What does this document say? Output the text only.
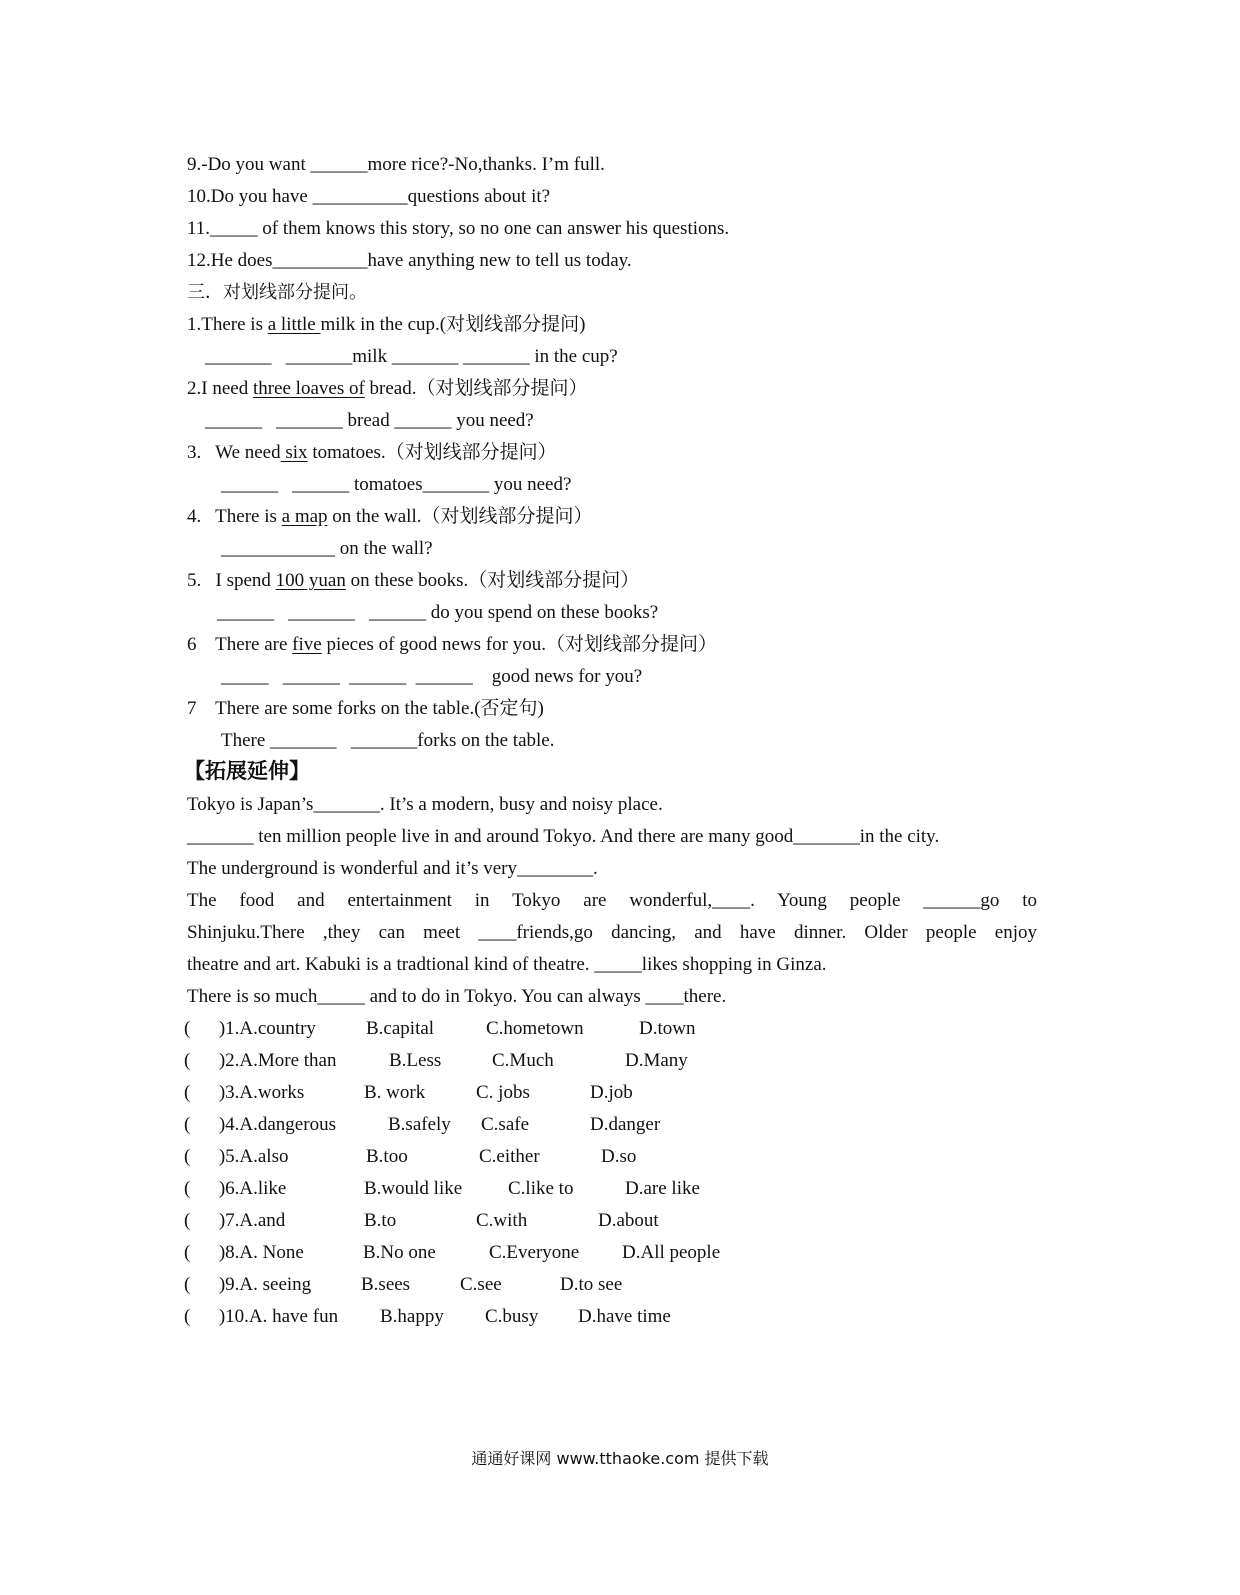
9.-Do you want ______more rice?-No,thanks. I’m full.
10.Do you have __________questions about it?
11._____ of them knows this story, so no one can answer his questions.
12.He does__________have anything new to tell us today.
三．对划线部分提问。
1.There is a little milk in the cup.(对划线部分提问)
_______   _______milk _______ _______ in the cup?
2.I need three loaves of bread.（对划线部分提问）
______   _______ bread ______ you need?
3.   We need six tomatoes.（对划线部分提问）
______   ______ tomatoes_______ you need?
4.   There is a map on the wall.（对划线部分提问）
____________ on the wall?
5.   I spend 100 yuan on these books.（对划线部分提问）
______   _______   ______ do you spend on these books?
6    There are five pieces of good news for you.（对划线部分提问）
_____   ______  ______  ______    good news for you?
7    There are some forks on the table.(否定句)
There _______   _______forks on the table.
【拓展延伸】
Tokyo is Japan’s_______. It’s a modern, busy and noisy place.
_______ ten million people live in and around Tokyo. And there are many good_______in the city.
The underground is wonderful and it’s very________.
The food and entertainment in Tokyo are wonderful,____. Young people ______go to
Shinjuku.There ,they can meet ____friends,go dancing, and have dinner. Older people enjoy
theatre and art. Kabuki is a tradtional kind of theatre. _____likes shopping in Ginza.
There is so much_____ and to do in Tokyo. You can always ____there.
(      )1.A.country	B.capital	C.hometown	D.town
(      )2.A.More than	B.Less	C.Much	D.Many
(      )3.A.works	B. work	C. jobs	D.job
(      )4.A.dangerous	B.safely C.safe	D.danger
(      )5.A.also	B.too	C.either	D.so
(      )6.A.like	B.would like C.like to	D.are like
(      )7.A.and	B.to	C.with	D.about
(      )8.A. None	B.No one	C.Everyone D.All people
(      )9.A. seeing	B.sees	C.see	D.to see
(      )10.A. have fun B.happy C.busy D.have time
通通好课网 www.tthaoke.com 提供下载
